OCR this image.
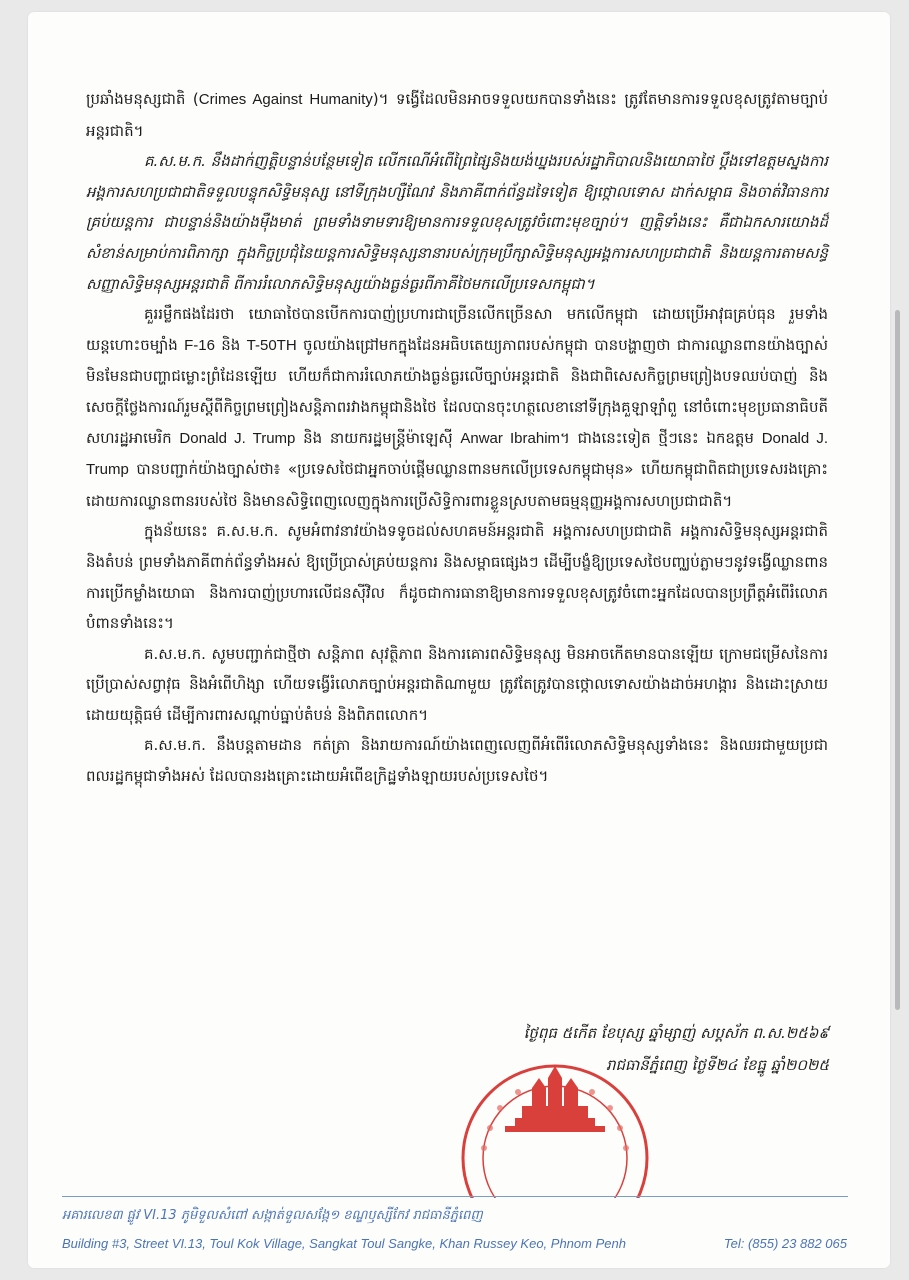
ប្រឆាំងមនុស្សជាតិ (Crimes Against Humanity)។ ទង្វើដែលមិនអាចទទួលយកបានទាំងនេះ ត្រូវតែមានការទទួលខុសត្រូវតាមច្បាប់អន្តរជាតិ។

គ.ស.ម.ក. នឹងដាក់ញត្តិបន្ទាន់បន្ថែមទៀត លើកណើអំពើព្រៃផ្សៃនិងយង់ឃ្នងរបស់រដ្ឋាភិបាលនិងយោធាថៃ ប្តឹងទៅឧត្តមស្នងការអង្គការសហប្រជាជាតិទទួលបន្ទុកសិទ្ធិមនុស្ស នៅទីក្រុងហ្សឺណែវ និងភាគីពាក់ព័ន្ធដទៃទៀត ឱ្យថ្កោលទោស ដាក់សម្ពាធ និងចាត់វិធានការគ្រប់យន្តការ ជាបន្ទាន់និងយ៉ាងម៉ឺងមាត់ ព្រមទាំងទាមទារឱ្យមានការទទួលខុសត្រូវចំពោះមុខច្បាប់។ ញត្តិទាំងនេះ គឺជាឯកសារយោងដ៏សំខាន់សម្រាប់ការពិភាក្សា ក្នុងកិច្ចប្រជុំនៃយន្តការសិទ្ធិមនុស្សនានារបស់ក្រុមប្រឹក្សាសិទ្ធិមនុស្សអង្គការសហប្រជាជាតិ និងយន្តការតាមសន្ធិសញ្ញាសិទ្ធិមនុស្សអន្តរជាតិ ពីការរំលោភសិទ្ធិមនុស្សយ៉ាងធ្ងន់ធ្ងរពីភាគីថៃមកលើប្រទេសកម្ពុជា។

គួររម្លឹកផងដែរថា យោធាថៃបានបើកការបាញ់ប្រហារជាច្រើនលើកច្រើនសា មកលើកម្ពុជា ដោយប្រើអាវុធគ្រប់ធុន រួមទាំងយន្តហោះចម្បាំង F-16 និង T-50TH ចូលយ៉ាងជ្រៅមកក្នុងដែនអធិបតេយ្យភាពរបស់កម្ពុជា បានបង្ហាញថា ជាការឈ្លានពានយ៉ាងច្បាស់ មិនមែនជាបញ្ហាជម្លោះព្រំដែនឡើយ ហើយក៏ជាការរំលោភយ៉ាងធ្ងន់ធ្ងរលើច្បាប់អន្តរជាតិ និងជាពិសេសកិច្ចព្រមព្រៀងបទឈប់បាញ់ និងសេចក្តីថ្លែងការណ៍រួមស្តីពីកិច្ចព្រមព្រៀងសន្តិភាពរវាងកម្ពុជានិងថៃ ដែលបានចុះហត្ថលេខានៅទីក្រុងគួឡាឡាំពួ នៅចំពោះមុខប្រធានាធិបតីសហរដ្ឋអាមេរិក Donald J. Trump និង នាយករដ្ឋមន្ត្រីម៉ាឡេស៊ី Anwar Ibrahim។ ជាងនេះទៀត ថ្មីៗនេះ ឯកឧត្តម Donald J. Trump បានបញ្ជាក់យ៉ាងច្បាស់ថា៖ «ប្រទេសថៃជាអ្នកចាប់ផ្តើមឈ្លានពានមកលើប្រទេសកម្ពុជាមុន» ហើយកម្ពុជាពិតជាប្រទេសរងគ្រោះដោយការឈ្លានពានរបស់ថៃ និងមានសិទ្ធិពេញលេញក្នុងការប្រើសិទ្ធិការពារខ្លួនស្របតាមធម្មនុញ្ញអង្គការសហប្រជាជាតិ។

ក្នុងន័យនេះ គ.ស.ម.ក. សូមអំពាវនាវយ៉ាងទទូចដល់សហគមន៍អន្តរជាតិ អង្គការសហប្រជាជាតិ អង្គការសិទ្ធិមនុស្សអន្តរជាតិនិងតំបន់ ព្រមទាំងភាគីពាក់ព័ន្ធទាំងអស់ ឱ្យប្រើប្រាស់គ្រប់យន្តការ និងសម្ពាធផ្សេងៗ ដើម្បីបង្ខំឱ្យប្រទេសថៃបញ្ឈប់ភ្លាមៗនូវទង្វើឈ្លានពាន ការប្រើកម្លាំងយោធា និងការបាញ់ប្រហារលើជនស៊ីវិល ក៏ដូចជាការធានាឱ្យមានការទទួលខុសត្រូវចំពោះអ្នកដែលបានប្រព្រឹត្តអំពើរំលោភបំពានទាំងនេះ។

គ.ស.ម.ក. សូមបញ្ជាក់ជាថ្មីថា សន្តិភាព សុវត្ថិភាព និងការគោរពសិទ្ធិមនុស្ស មិនអាចកើតមានបានឡើយ ក្រោមជម្រើសនៃការប្រើប្រាស់សព្វាវុធ និងអំពើហិង្សា ហើយទង្វើរំលោភច្បាប់អន្តរជាតិណាមួយ ត្រូវតែត្រូវបានថ្កោលទោសយ៉ាងដាច់អហង្ការ និងដោះស្រាយដោយយុត្តិធម៌ ដើម្បីការពារសណ្តាប់ធ្នាប់តំបន់ និងពិភពលោក។

គ.ស.ម.ក. នឹងបន្តតាមដាន កត់ត្រា និងរាយការណ៍យ៉ាងពេញលេញពីអំពើរំលោភសិទ្ធិមនុស្សទាំងនេះ និងឈរជាមួយប្រជាពលរដ្ឋកម្ពុជាទាំងអស់ ដែលបានរងគ្រោះដោយអំពើឧក្រិដ្ឋទាំងឡាយរបស់ប្រទេសថៃ។

ថ្ងៃពុធ ៥កើត ខែបុស្ស ឆ្នាំម្សាញ់ សប្តស័ក ព.ស.២៥៦៩
រាជធានីភ្នំពេញ ថ្ងៃទី២៤ ខែធ្នូ ឆ្នាំ២០២៥
អគារលេខ៣ ផ្លូវ VI.13 ភូមិទួលសំពៅ សង្កាត់ទួលសង្កែ១ ខណ្ឌឫស្សីកែវ រាជធានីភ្នំពេញ
Building #3, Street VI.13, Toul Kok Village, Sangkat Toul Sangke, Khan Russey Keo, Phnom Penh	Tel: (855) 23 882 065
